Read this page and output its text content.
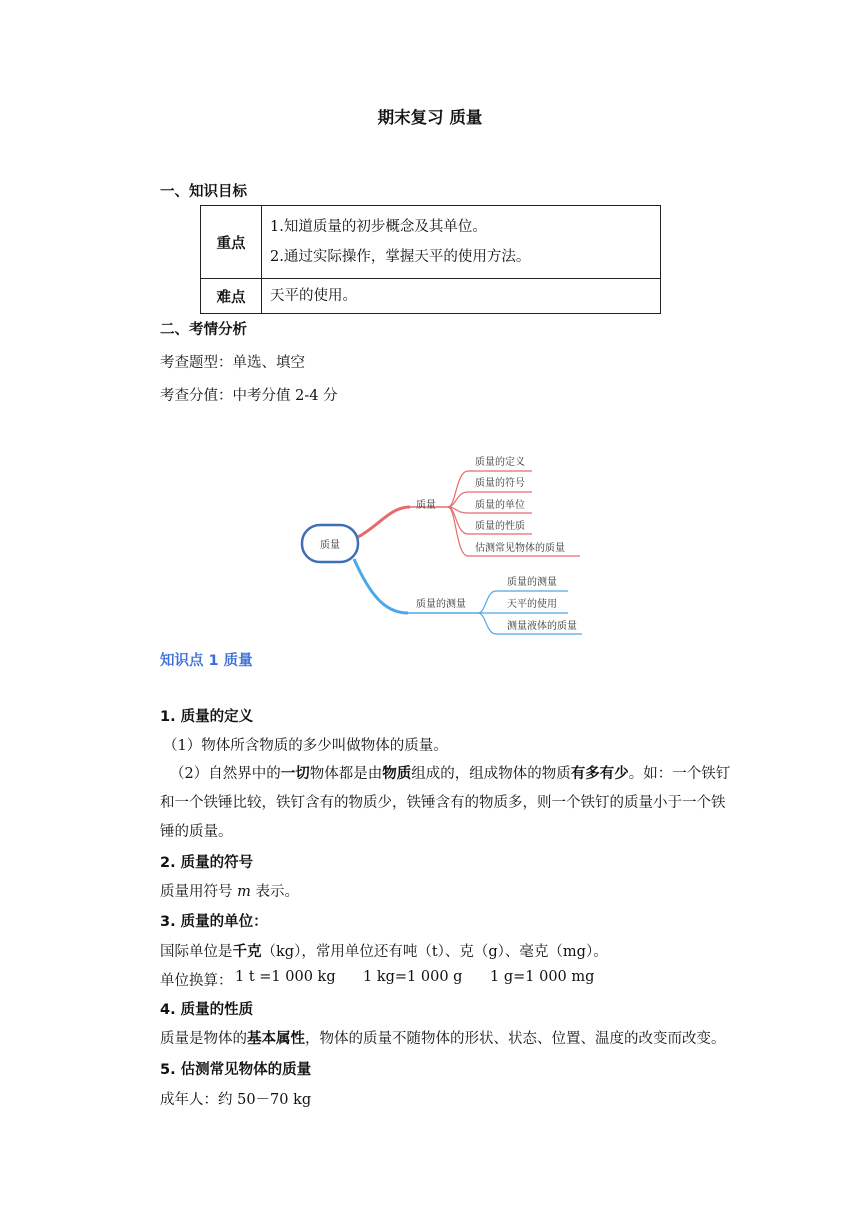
期末复习 质量
一、知识目标
重点	1.知道质量的初步概念及其单位。
2.通过实际操作，掌握天平的使用方法。

难点	天平的使用。
二、考情分析
考查题型：单选、填空
考查分值：中考分值 2-4 分
质量
质量
质量的测量
质量的定义
质量的符号
质量的单位
质量的性质
估测常见物体的质量
质量的测量
天平的使用
测量液体的质量
知识点 1 质量
1. 质量的定义
（1）物体所含物质的多少叫做物体的质量。
（2）自然界中的一切物体都是由物质组成的，组成物体的物质有多有少。如：一个铁钉和一个铁锤比较，铁钉含有的物质少，铁锤含有的物质多，则一个铁钉的质量小于一个铁锤的质量。
2. 质量的符号
质量用符号 m 表示。
3. 质量的单位：
国际单位是千克（kg），常用单位还有吨（t）、克（g）、毫克（mg）。
单位换算： 1 t =1 000 kg 1 kg=1 000 g 1 g=1 000 mg
4. 质量的性质
质量是物体的基本属性，物体的质量不随物体的形状、状态、位置、温度的改变而改变。
5. 估测常见物体的质量
成年人：约 50－70 kg
